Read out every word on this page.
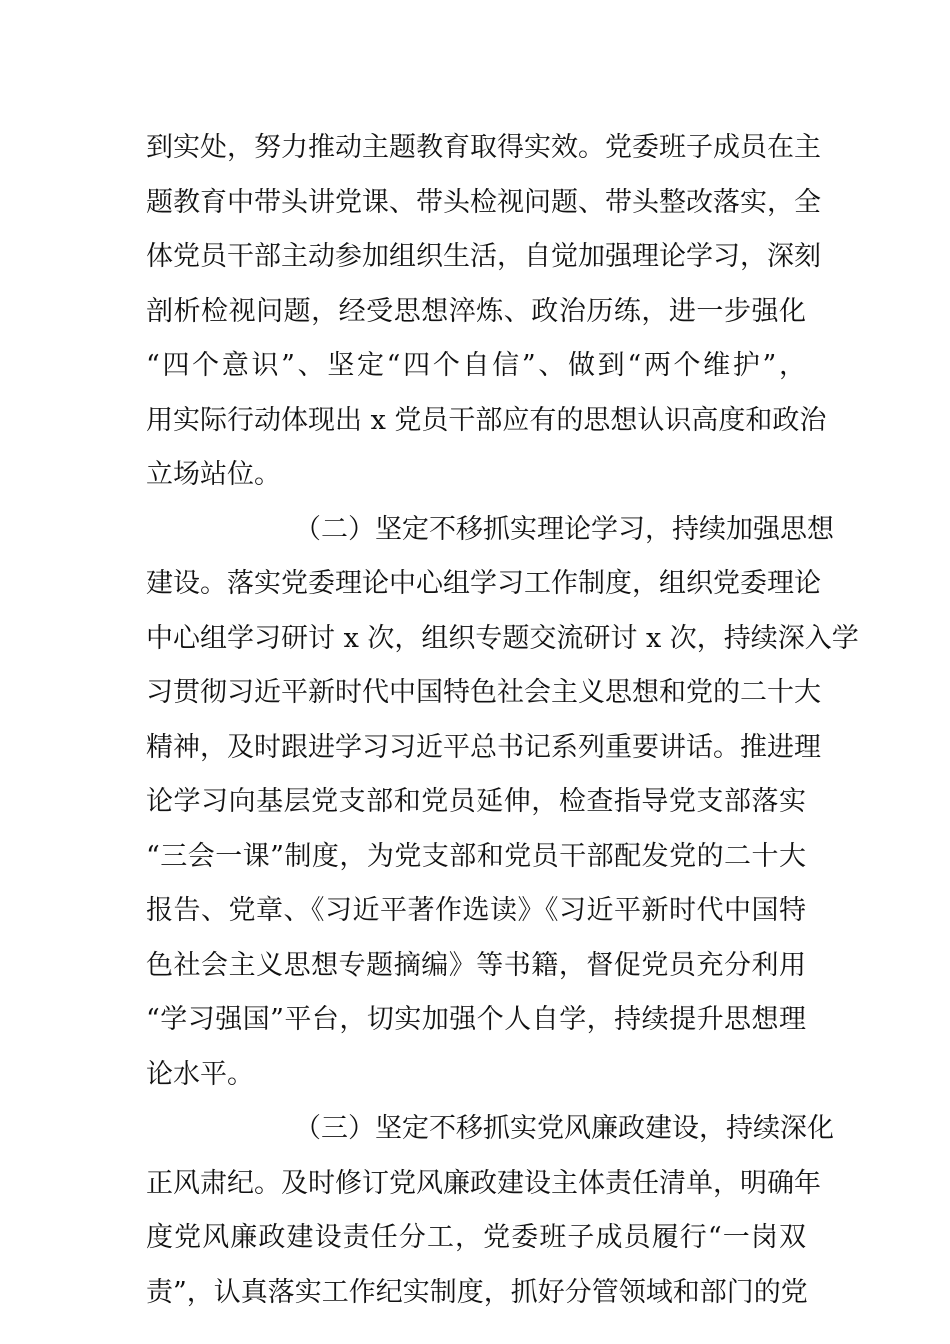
到实处，努力推动主题教育取得实效。党委班子成员在主
题教育中带头讲党课、带头检视问题、带头整改落实，全
体党员干部主动参加组织生活，自觉加强理论学习，深刻
剖析检视问题，经受思想淬炼、政治历练，进一步强化
“四个意识”、坚定“四个自信”、做到“两个维护”，
用实际行动体现出 x 党员干部应有的思想认识高度和政治
立场站位。
（二）坚定不移抓实理论学习，持续加强思想
建设。落实党委理论中心组学习工作制度，组织党委理论
中心组学习研讨 x 次，组织专题交流研讨 x 次，持续深入学
习贯彻习近平新时代中国特色社会主义思想和党的二十大
精神，及时跟进学习习近平总书记系列重要讲话。推进理
论学习向基层党支部和党员延伸，检查指导党支部落实
“三会一课”制度，为党支部和党员干部配发党的二十大
报告、党章、《习近平著作选读》《习近平新时代中国特
色社会主义思想专题摘编》等书籍，督促党员充分利用
“学习强国”平台，切实加强个人自学，持续提升思想理
论水平。
（三）坚定不移抓实党风廉政建设，持续深化
正风肃纪。及时修订党风廉政建设主体责任清单，明确年
度党风廉政建设责任分工，党委班子成员履行“一岗双
责”，认真落实工作纪实制度，抓好分管领域和部门的党
